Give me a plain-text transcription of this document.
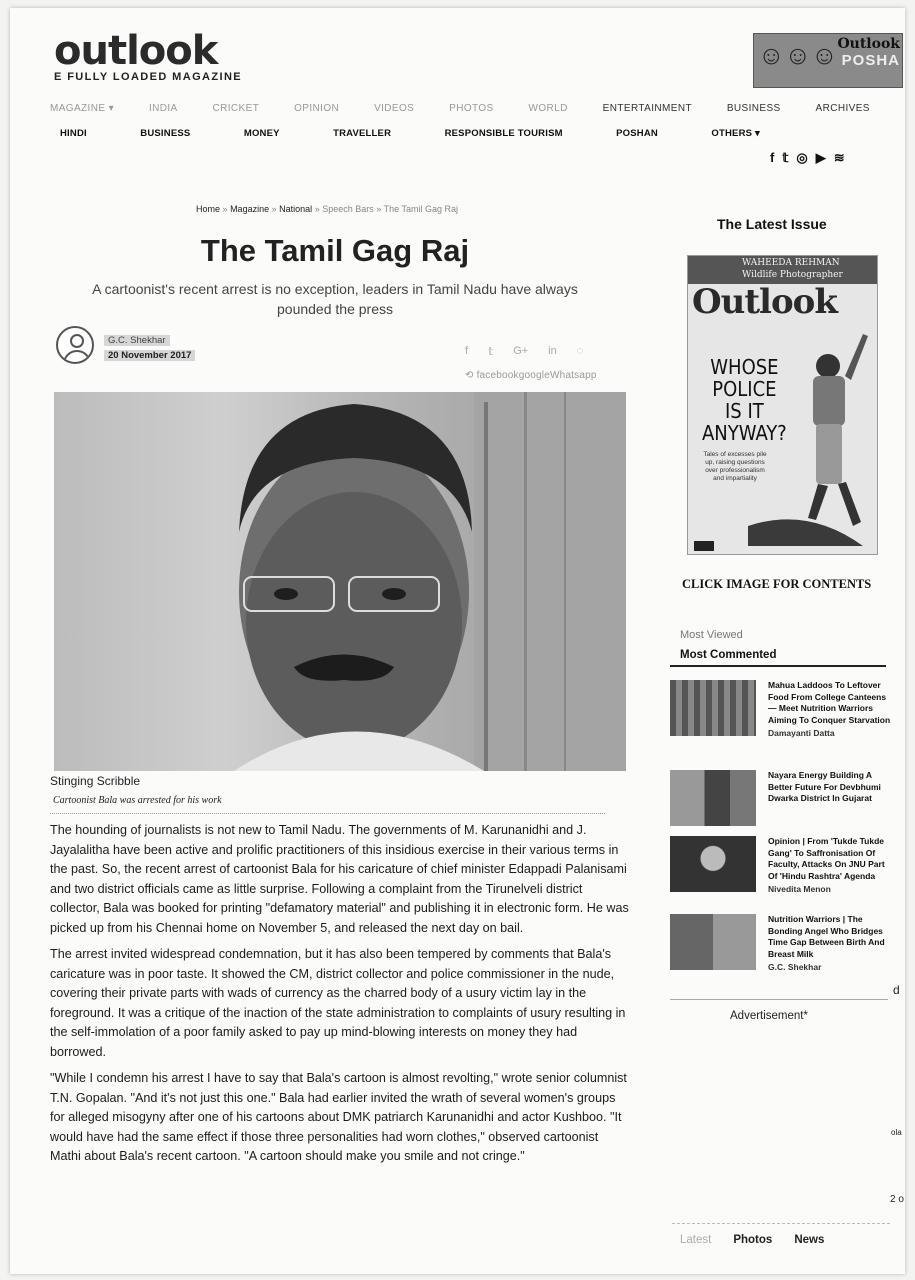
outlook
E FULLY LOADED MAGAZINE
☺☺☺ Outlook
POSHA
MAGAZINE ▾	INDIA	CRICKET	OPINION	VIDEOS	PHOTOS	WORLD	ENTERTAINMENT	BUSINESS	ARCHIVES
HINDI	BUSINESS	MONEY	TRAVELLER	RESPONSIBLE TOURISM	POSHAN	OTHERS ▾
f 𝕥 ◎ ▶ ≋
Home » Magazine » National » Speech Bars » The Tamil Gag Raj
The Tamil Gag Raj
A cartoonist's recent arrest is no exception, leaders in Tamil Nadu have always pounded the press
G.C. Shekhar
20 November 2017	f 𝕥 G+ in ◌
⟲ facebookgoogleWhatsapp
Stinging Scribble
Cartoonist Bala was arrested for his work

The hounding of journalists is not new to Tamil Nadu. The governments of M. Karunanidhi and J. Jayalalitha have been active and prolific practitioners of this insidious exercise in their various terms in the past. So, the recent arrest of cartoonist Bala for his caricature of chief minister Edappadi Palanisami and two district officials came as little surprise. Following a complaint from the Tirunelveli district collector, Bala was booked for printing "defamatory material" and publishing it in electronic form. He was picked up from his Chennai home on November 5, and released the next day on bail.

The arrest invited widespread condemnation, but it has also been tempered by comments that Bala's caricature was in poor taste. It showed the CM, district collector and police commissioner in the nude, covering their private parts with wads of currency as the charred body of a usury victim lay in the foreground. It was a critique of the inaction of the state administration to complaints of usury resulting in the self-immolation of a poor family asked to pay up mind-blowing interests on money they had borrowed.

"While I condemn his arrest I have to say that Bala's cartoon is almost revolting," wrote senior columnist T.N. Gopalan. "And it's not just this one." Bala had earlier invited the wrath of several women's groups for alleged misogyny after one of his cartoons about DMK patriarch Karunanidhi and actor Kushboo. "It would have had the same effect if those three personalities had worn clothes," observed cartoonist Mathi about Bala's recent cartoon. "A cartoon should make you smile and not cringe."

The Latest Issue
WAHEEDA REHMAN
Wildlife Photographer
Outlook
WHOSE
POLICE
IS IT
ANYWAY?
Tales of excesses pile up, raising questions over professionalism and impartiality
CLICK IMAGE FOR CONTENTS
Most Viewed
Most Commented
Mahua Laddoos To Leftover Food From College Canteens — Meet Nutrition Warriors Aiming To Conquer Starvation
Damayanti Datta
Nayara Energy Building A Better Future For Devbhumi Dwarka District In Gujarat
Opinion | From 'Tukde Tukde Gang' To Saffronisation Of Faculty, Attacks On JNU Part Of 'Hindu Rashtra' Agenda
Nivedita Menon
Nutrition Warriors | The Bonding Angel Who Bridges Time Gap Between Birth And Breast Milk
G.C. Shekhar
Advertisement*
Latest Photos News
d
ola
2 o
